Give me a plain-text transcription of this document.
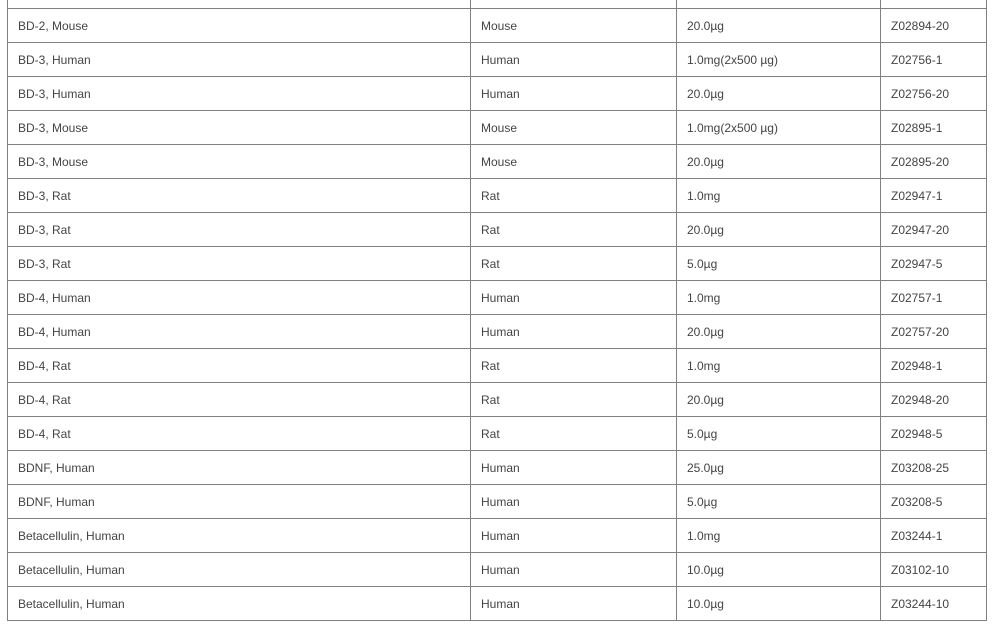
BD-2, Mouse	Mouse	20.0µg	Z02894-20
BD-3, Human	Human	1.0mg(2x500 µg)	Z02756-1
BD-3, Human	Human	20.0µg	Z02756-20
BD-3, Mouse	Mouse	1.0mg(2x500 µg)	Z02895-1
BD-3, Mouse	Mouse	20.0µg	Z02895-20
BD-3, Rat	Rat	1.0mg	Z02947-1
BD-3, Rat	Rat	20.0µg	Z02947-20
BD-3, Rat	Rat	5.0µg	Z02947-5
BD-4, Human	Human	1.0mg	Z02757-1
BD-4, Human	Human	20.0µg	Z02757-20
BD-4, Rat	Rat	1.0mg	Z02948-1
BD-4, Rat	Rat	20.0µg	Z02948-20
BD-4, Rat	Rat	5.0µg	Z02948-5
BDNF, Human	Human	25.0µg	Z03208-25
BDNF, Human	Human	5.0µg	Z03208-5
Betacellulin, Human	Human	1.0mg	Z03244-1
Betacellulin, Human	Human	10.0µg	Z03102-10
Betacellulin, Human	Human	10.0µg	Z03244-10
